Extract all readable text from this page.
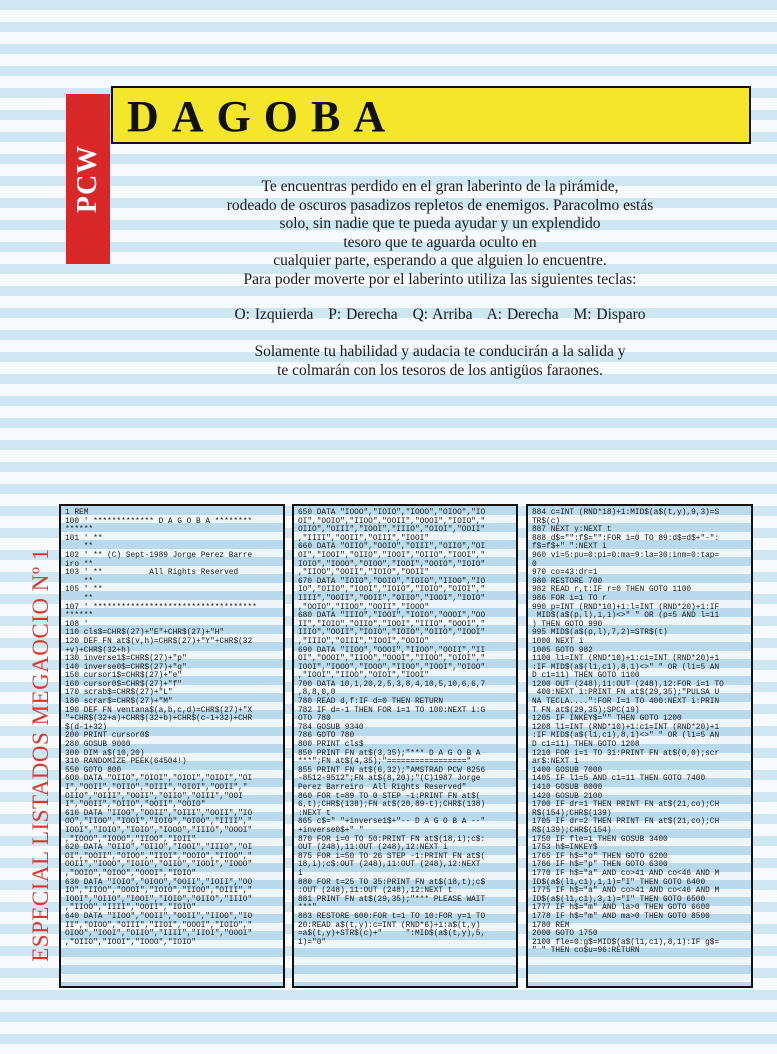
PCW
DAGOBA

Te encuentras perdido en el gran laberinto de la pirámide,

rodeado de oscuros pasadizos repletos de enemigos. Paracolmo estás

solo, sin nadie que te pueda ayudar y un explendido

tesoro que te aguarda oculto en

cualquier parte, esperando a que alguien lo encuentre.

Para poder moverte por el laberinto utiliza las siguientes teclas:

O: Izquierda P: Derecha Q: Arriba A: Derecha M: Disparo

Solamente tu habilidad y audacia te conducirán a la salida y

te colmarán con los tesoros de los antigüos faraones.

ESPECIAL LISTADOS MEGAOCIO Nº 1
1 REM
100 ' ************* D A G O B A ********
******
101 ' **
**
102 ' ** (C) Sept-1989 Jorge Perez Barre
iro **
103 ' **          All Rights Reserved
**
105 ' **
**
107 ' ***********************************
******
108 '
110 cls$=CHR$(27)+"E"+CHR$(27)+"H"
120 DEF FN at$(v,h)=CHR$(27)+"Y"+CHR$(32
+v)+CHR$(32+h)
130 inverse1$=CHR$(27)+"p"
140 inverse0$=CHR$(27)+"q"
150 cursor1$=CHR$(27)+"e"
160 cursor0$=CHR$(27)+"f"
170 scrab$=CHR$(27)+"L"
180 scrar$=CHR$(27)+"M"
190 DEF FN ventana$(a,b,c,d)=CHR$(27)+"X
"+CHR$(32+a)+CHR$(32+b)+CHR$(c-1+32)+CHR
$(d-1+32)
200 PRINT cursor0$
280 GOSUB 9000
300 DIM a$(10,20)
310 RANDOMIZE PEEK(64504!)
550 GOTO 800
600 DATA "OIIO","OIOI","OIOI","OIOI","OI
I","OOII","OIIO","OIII","OIOI","OOII","
OIIO","OIII","OOII","OIIO","OIII","OOI
I","OOII","OIIO","OOII","OOIO"
610 DATA "IIOO","OOII","OIII","OOII","IO
OO","IIOO","IOOI","IOIO","OIOO","IIII","
IOOI","IOIO","IOIO","IOOO","IIIO","OOOI"
,"IOOO","IOOO","IIOO","IOII"
620 DATA "OIIO","OIIO","IOOI","IIIO","OI
OI","OOII","OIOO","IIOI","OOIO","IIOO","
OOII","IOOO","IOIO","OIIO","IOOI","IOOO"
,"OOIO","OIOO","OOOI","IOIO"
630 DATA "IOIO","OIOO","OOII","IOII","OO
IO","IIOO","OOOI","IOIO","IIOO","OIII","
IOOI","OIIO","IOOI","IOIO","OIIO","IIIO"
,"IIOO","IIII","OOII","IOIO"
640 DATA "IIOO","OOII","OOII","IIOO","IO
II","OIOO","OIII","IIOI","OOOI","IOIO","
OIOO","IOOI","OIIO","IIII","IIOI","OOOI"
,"OIIO","IOOI","IOOO","IOIO"
650 DATA "IOOO","IOIO","IOOO","OIOO","IO
OI","OOIO","IIOO","OOII","OOOI","IOIO","
OIIO","OIII","IOOI","IIIO","OIOI","OOII"
,"IIII","OOII","OIII","IOOI"
660 DATA "OIIO","OOIO","OIII","OIIO","OI
OI","IOOI","OIIO","IOOI","OIIO","IOOI","
IOIO","IOOO","OIOO","IOOI","OOIO","IOIO"
,"IIOO","OOII","IOIO","OOII"
670 DATA "IOIO","OOIO","IOIO","IIOO","IO
IO","OIIO","IOOI","IOIO","IOIO","OIOI","
IIII","OOII","OOII","OIIO","IOOI","IOIO"
,"OOIO","IIOO","OOII","IOOO"
680 DATA "IIIO","IOOI","IOIO","OOOI","OO
II","IOIO","OIIO","IOOI","IIIO","OOOI","
IIIO","OOII","IOIO","IOIO","OIIO","IOOI"
,"IIIO","OIII","IOOI","OOIO"
690 DATA "IIOO","OOOI","IIOO","OOII","II
OI","OOOI","IIOO","OOOI","IIOO","OIOI","
IOOI","IOOO","IOOO","IIOO","IOOI","OIOO"
,"IOOI","IIOO","OIOI","IOOI"
700 DATA 10,1,20,2,5,3,8,4,10,5,10,6,6,7
,8,8,0,0
780 READ d,f:IF d=0 THEN RETURN
782 IF d=-1 THEN FOR i=1 TO 100:NEXT i:G
OTO 780
784 GOSUB 9340
786 GOTO 780
800 PRINT cls$
850 PRINT FN at$(3,35);"*** D A G O B A
***";FN at$(4,35);"================="
855 PRINT FN at$(6,32);"AMSTRAD PCW 8256
-8512-9512";FN at$(8,20);"(C)1987 Jorge
Perez Barreiro  All Rights Reserved"
860 FOR t=89 TO 0 STEP -1:PRINT FN at$(
6,t);CHR$(138);FN at$(20,89-t);CHR$(138)
:NEXT t
865 c$=" "+inverse1$+"-- D A G O B A --"
+inverse0$+" "
870 FOR i=0 TO 50:PRINT FN at$(18,i);c$:
OUT (248),11:OUT (248),12:NEXT i
875 FOR i=50 TO 26 STEP -1:PRINT FN at$(
18,i);c$:OUT (248),11:OUT (248),12:NEXT
i
880 FOR t=25 TO 35:PRINT FN at$(18,t);c$
:OUT (248),11:OUT (248),12:NEXT t
881 PRINT FN at$(29,35);"*** PLEASE WAIT
***"
883 RESTORE 600:FOR t=1 TO 10:FOR y=1 TO
20:READ a$(t,y):c=INT (RND*6)+1:a$(t,y)
=a$(t,y)+STR$(c)+"     ":MID$(a$(t,y),5,
1)="0"
884 c=INT (RND*18)+1:MID$(a$(t,y),9,3)=S
TR$(c)
887 NEXT y:NEXT t
888 d$="":f$="":FOR i=0 TO 89:d$=d$+"-":
f$=f$+" ":NEXT i
960 vi=5:pu=0:pi=0:ma=9:la=30:inm=0:tap=
0
970 co=43:dr=1
980 RESTORE 700
982 READ r,t:IF r=0 THEN GOTO 1100
986 FOR i=1 TO r
990 p=INT (RND*10)+1:l=INT (RND*20)+1:IF
MID$(a$(p,l),1,1)<>" " OR (p=5 AND l=11
) THEN GOTO 990
995 MID$(a$(p,l),7,2)=STR$(t)
1000 NEXT i
1005 GOTO 982
1100 l1=INT (RND*10)+1:c1=INT (RND*20)+1
:IF MID$(a$(l1,c1),8,1)<>" " OR (l1=5 AN
D c1=11) THEN GOTO 1100
1200 OUT (248),11:OUT (248),12:FOR i=1 TO
400:NEXT i:PRINT FN at$(29,35);"PULSA U
NA TECLA....":FOR I=1 TO 400:NEXT i:PRIN
T FN at$(29,35);SPC(19)
1205 IF INKEY$="" THEN GOTO 1200
1208 l1=INT (RND*10)+1:c1=INT (RND*20)+1
:IF MID$(a$(l1,c1),8,1)<>" " OR (l1=5 AN
D c1=11) THEN GOTO 1208
1210 FOR i=1 TO 31:PRINT FN at$(0,0);scr
ar$:NEXT i
1400 GOSUB 7000
1405 IF l1=5 AND c1=11 THEN GOTO 7400
1410 GOSUB 8000
1420 GOSUB 2100
1700 IF dr=1 THEN PRINT FN at$(21,co);CH
R$(154);CHR$(139)
1705 IF dr=2 THEN PRINT FN at$(21,co);CH
R$(139);CHR$(154)
1750 IF fle=1 THEN GOSUB 3400
1753 h$=INKEY$
1765 IF h$="o" THEN GOTO 6200
1766 IF h$="p" THEN GOTO 6300
1770 IF h$="a" AND co>41 AND co<46 AND M
ID$(a$(l1,c1),1,1)="I" THEN GOTO 6400
1775 IF h$="a" AND co>41 AND co<46 AND M
ID$(a$(l1,c1),3,1)="I" THEN GOTO 6500
1777 IF h$="m" AND la>0 THEN GOTO 6600
1778 IF h$="m" AND ma>0 THEN GOTO 8500
1780 REM
2000 GOTO 1750
2100 fle=0:g$=MID$(a$(l1,c1),8,1):IF g$=
" " THEN co$u=96:RETURN
